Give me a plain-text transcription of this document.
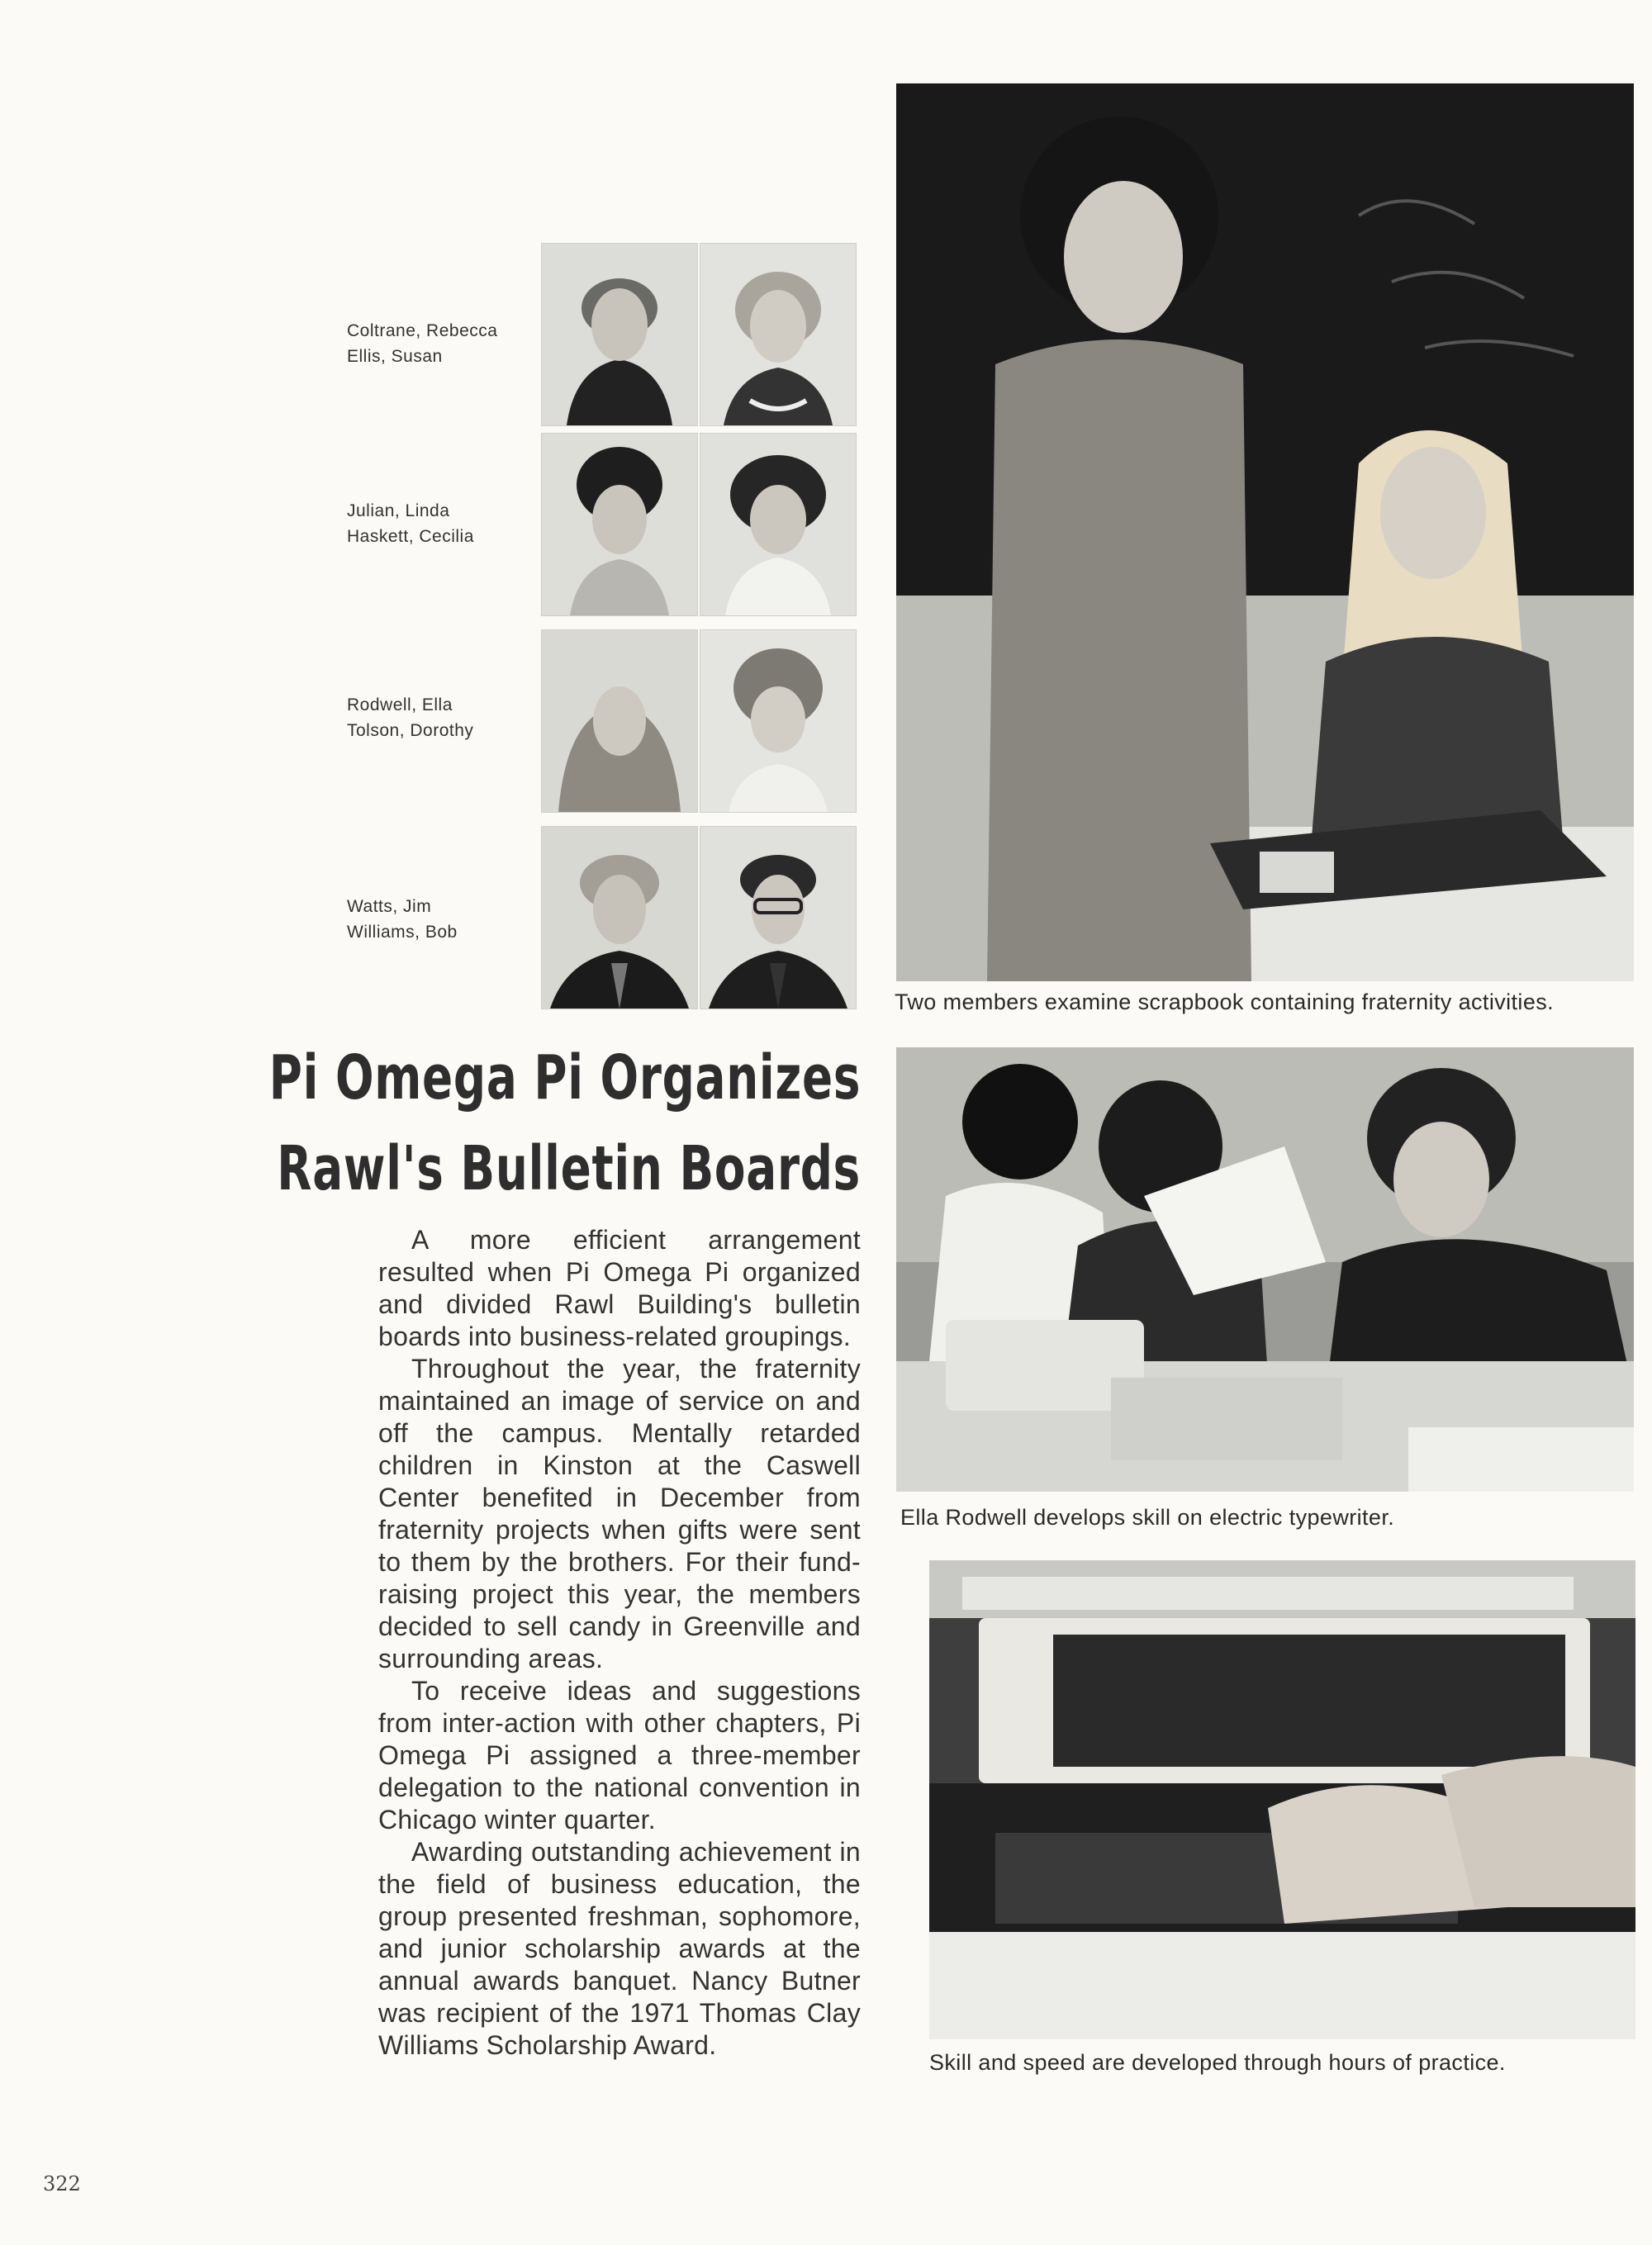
Coltrane, Rebecca
Ellis, Susan
Julian, Linda
Haskett, Cecilia
Rodwell, Ella
Tolson, Dorothy
Watts, Jim
Williams, Bob
Pi Omega Pi Organizes
Rawl's Bulletin Boards

A more efficient arrangement resulted when Pi Omega Pi organized and divided Rawl Building's bulletin boards into business-related groupings.

Throughout the year, the fraternity maintained an image of service on and off the campus. Mentally retarded children in Kinston at the Caswell Center benefited in December from fraternity projects when gifts were sent to them by the brothers. For their fund-raising project this year, the members decided to sell candy in Greenville and surrounding areas.

To receive ideas and suggestions from inter-action with other chapters, Pi Omega Pi assigned a three-member delegation to the national convention in Chicago winter quarter.

Awarding outstanding achievement in the field of business education, the group presented freshman, sophomore, and junior scholarship awards at the annual awards banquet. Nancy Butner was recipient of the 1971 Thomas Clay Williams Scholarship Award.

Two members examine scrapbook containing fraternity activities.
Ella Rodwell develops skill on electric typewriter.
Skill and speed are developed through hours of practice.
322
